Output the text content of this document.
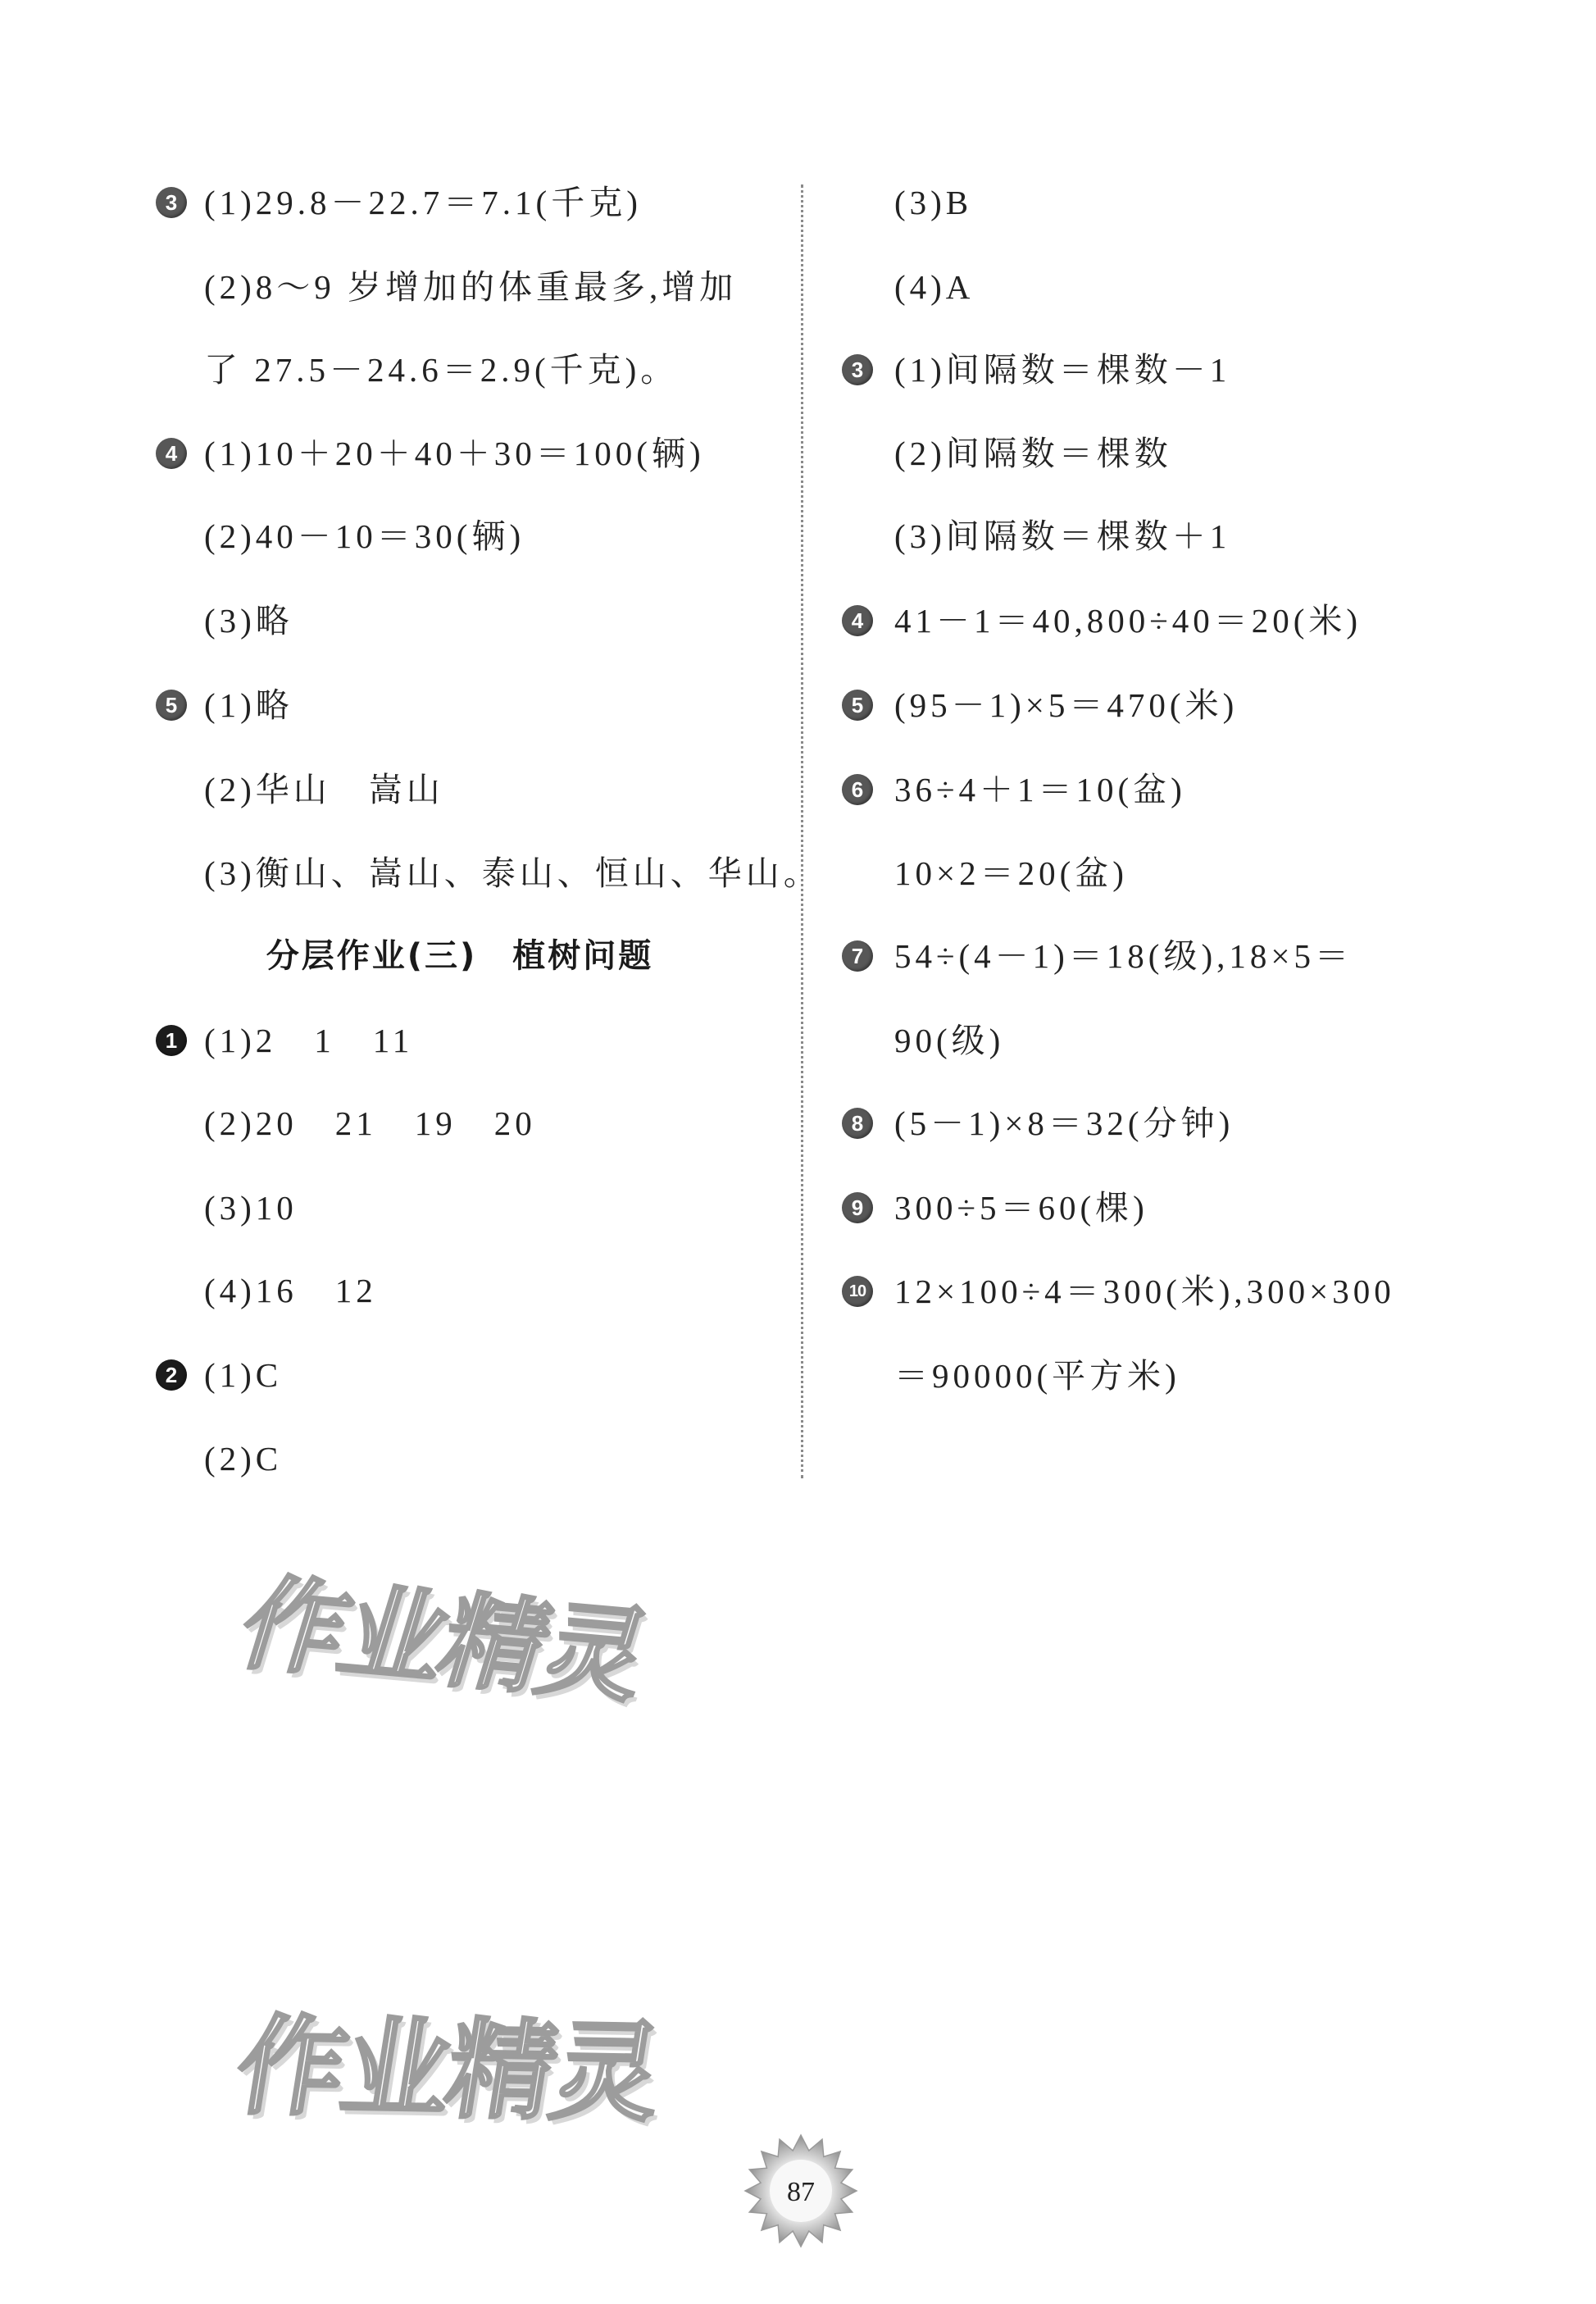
3 (1)29.8－22.7＝7.1(千克)
(2)8～9 岁增加的体重最多,增加
了 27.5－24.6＝2.9(千克)。
4 (1)10＋20＋40＋30＝100(辆)
(2)40－10＝30(辆)
(3)略
5 (1)略
(2)华山　嵩山
(3)衡山、嵩山、泰山、恒山、华山。
分层作业(三)　植树问题
1 (1)2　1　11
(2)20　21　19　20
(3)10
(4)16　12
2 (1)C
(2)C
(3)B
(4)A
3 (1)间隔数＝棵数－1
(2)间隔数＝棵数
(3)间隔数＝棵数＋1
4 41－1＝40,800÷40＝20(米)
5 (95－1)×5＝470(米)
6 36÷4＋1＝10(盆)
10×2＝20(盆)
7 54÷(4－1)＝18(级),18×5＝
90(级)
8 (5－1)×8＝32(分钟)
9 300÷5＝60(棵)
10 12×100÷4＝300(米),300×300
＝90000(平方米)
作业精灵
作业精灵
87
